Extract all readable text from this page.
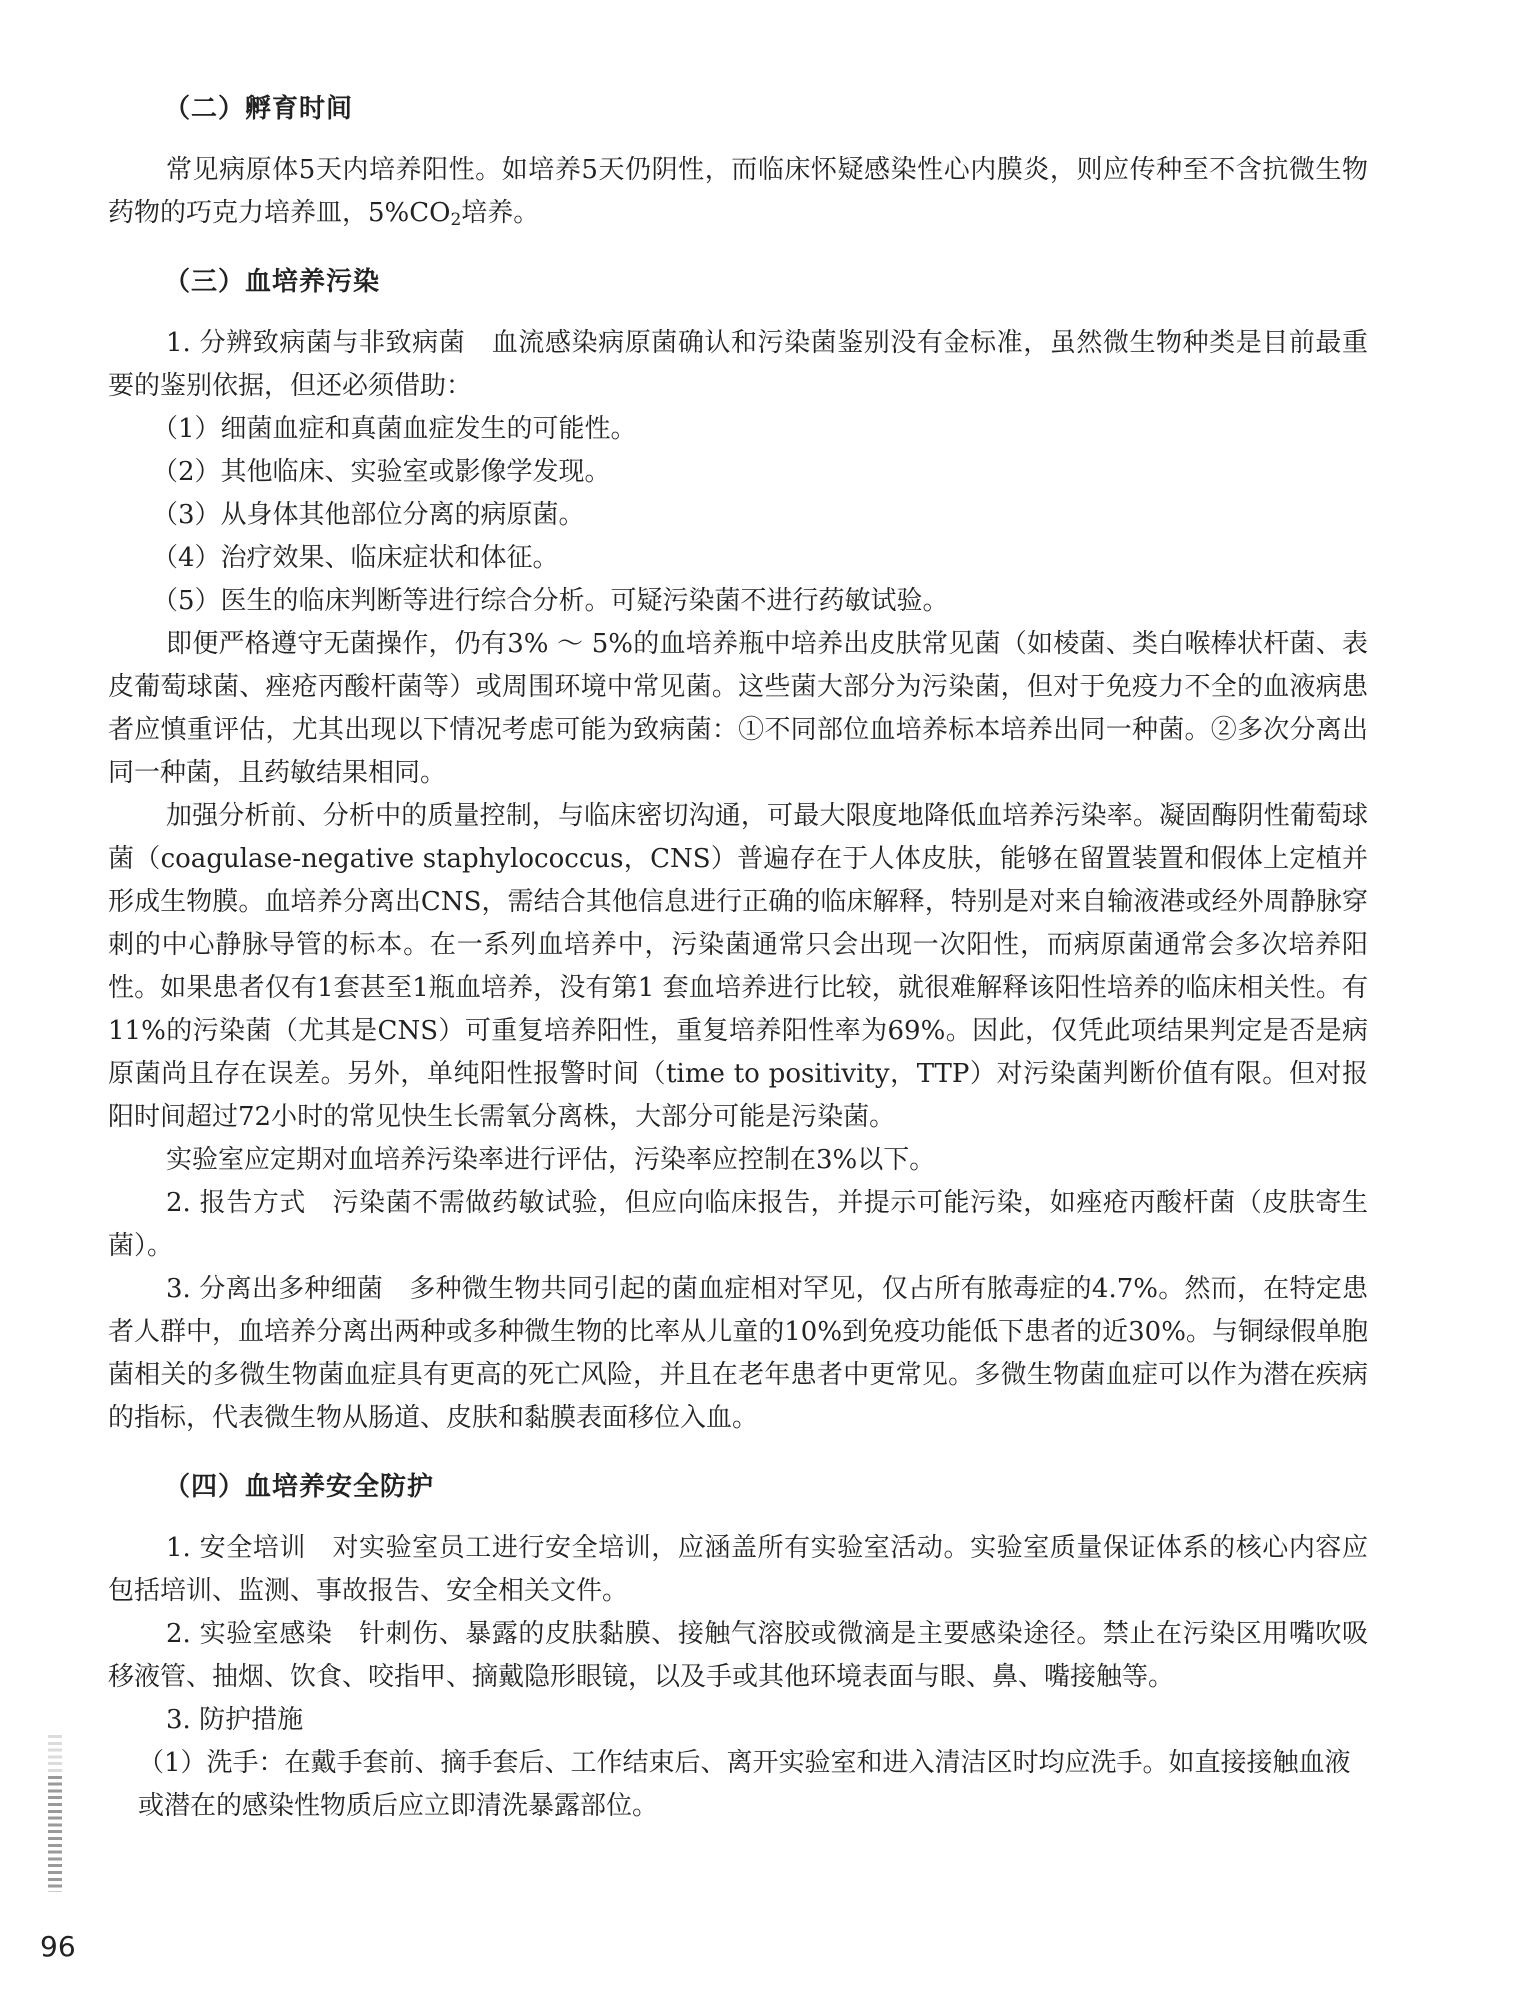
（二）孵育时间

常见病原体5天内培养阳性。如培养5天仍阴性，而临床怀疑感染性心内膜炎，则应传种至不含抗微生物药物的巧克力培养皿，$5\%CO_2$培养。

（三）血培养污染

1. 分辨致病菌与非致病菌　血流感染病原菌确认和污染菌鉴别没有金标准，虽然微生物种类是目前最重要的鉴别依据，但还必须借助：

（1）细菌血症和真菌血症发生的可能性。

（2）其他临床、实验室或影像学发现。

（3）从身体其他部位分离的病原菌。

（4）治疗效果、临床症状和体征。

（5）医生的临床判断等进行综合分析。可疑污染菌不进行药敏试验。

即便严格遵守无菌操作，仍有3% ～ 5%的血培养瓶中培养出皮肤常见菌（如棱菌、类白喉棒状杆菌、表皮葡萄球菌、痤疮丙酸杆菌等）或周围环境中常见菌。这些菌大部分为污染菌，但对于免疫力不全的血液病患者应慎重评估，尤其出现以下情况考虑可能为致病菌：①不同部位血培养标本培养出同一种菌。②多次分离出同一种菌，且药敏结果相同。

加强分析前、分析中的质量控制，与临床密切沟通，可最大限度地降低血培养污染率。凝固酶阴性葡萄球菌（coagulase-negative staphylococcus，CNS）普遍存在于人体皮肤，能够在留置装置和假体上定植并形成生物膜。血培养分离出CNS，需结合其他信息进行正确的临床解释，特别是对来自输液港或经外周静脉穿刺的中心静脉导管的标本。在一系列血培养中，污染菌通常只会出现一次阳性，而病原菌通常会多次培养阳性。如果患者仅有1套甚至1瓶血培养，没有第1 套血培养进行比较，就很难解释该阳性培养的临床相关性。有11%的污染菌（尤其是CNS）可重复培养阳性，重复培养阳性率为69%。因此，仅凭此项结果判定是否是病原菌尚且存在误差。另外，单纯阳性报警时间（time to positivity，TTP）对污染菌判断价值有限。但对报阳时间超过72小时的常见快生长需氧分离株，大部分可能是污染菌。

实验室应定期对血培养污染率进行评估，污染率应控制在3%以下。

2. 报告方式　污染菌不需做药敏试验，但应向临床报告，并提示可能污染，如痤疮丙酸杆菌（皮肤寄生菌）。

3. 分离出多种细菌　多种微生物共同引起的菌血症相对罕见，仅占所有脓毒症的4.7%。然而，在特定患者人群中，血培养分离出两种或多种微生物的比率从儿童的10%到免疫功能低下患者的近30%。与铜绿假单胞菌相关的多微生物菌血症具有更高的死亡风险，并且在老年患者中更常见。多微生物菌血症可以作为潜在疾病的指标，代表微生物从肠道、皮肤和黏膜表面移位入血。

（四）血培养安全防护

1. 安全培训　对实验室员工进行安全培训，应涵盖所有实验室活动。实验室质量保证体系的核心内容应包括培训、监测、事故报告、安全相关文件。

2. 实验室感染　针刺伤、暴露的皮肤黏膜、接触气溶胶或微滴是主要感染途径。禁止在污染区用嘴吹吸移液管、抽烟、饮食、咬指甲、摘戴隐形眼镜，以及手或其他环境表面与眼、鼻、嘴接触等。

3. 防护措施

（1）洗手：在戴手套前、摘手套后、工作结束后、离开实验室和进入清洁区时均应洗手。如直接接触血液或潜在的感染性物质后应立即清洗暴露部位。

96
